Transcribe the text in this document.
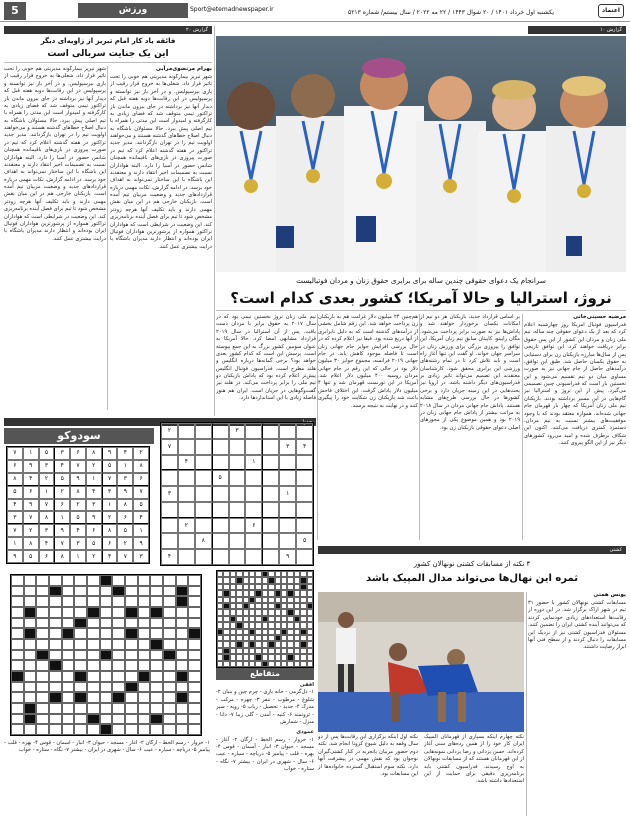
اعتماد
یکشنبه اول خرداد ۱۴۰۱ / ۲۰ شوال ۱۴۴۳ / ۲۲ مه ۲۰۲۲ / سال بیستم/ شماره ۵۲۱۳
Sport@etemadnewspaper.ir
ورزش
5
گزارش ۲۰
فائقه یاد کار امام تبریز از زاویه‌ای دیگر
این یک جنایت سربالی است
بهرام مرتضوی‌مرآبی
شهر تبریز بیمارگونه مدیریتی هم خوبی را تحت تاثیر قرار داد. شعلی‌ها به خروج قرار رقیب از بازی بیرسپولیس. و در آخر باز نیز توانسته و پرسپولیس در این رقابت‌ها دوبه‌ هفته قبل که دیدار آنها نیز برداشته در جای بیرون ماندن باز تراکتور تیمی متوقف شد که فضای زیادی به کارگرفته و امیدوار است این مدتی را همراه با تیم اصلی پیش ببرد. حالا مسئولان باشگاه به دنبال اصلاح خطاهای گذشته هستند و می‌خواهند اولویت تیم را در تهران بازگردانند. مدیر جدید تراکتور در هفته گذشته اعلام کرد که تیم در صورت پیروزی در بازی‌های باقیمانده همچنان شانس حضور در آسیا را دارد. البته هواداران نسبت به تصمیمات اخیر انتقاد دارند و معتقدند این باشگاه با این ساختار نمی‌تواند به اهداف خود برسد. در ادامه گزارش، نکات مهمی درباره قراردادهای جدید و وضعیت مربیان تیم آمده است. بازیکنان خارجی هم در این میان نقش مهمی دارند و باید تکلیف آنها هرچه زودتر مشخص شود تا تیم برای فصل آینده برنامه‌ریزی کند. این وضعیت در شرایطی است که هواداران تراکتور همواره از پرشورترین هواداران فوتبال ایران بوده‌اند و انتظار دارند مدیران باشگاه با درایت بیشتری عمل کنند.
شهر تبریز بیمارگونه مدیریتی هم خوبی را تحت تاثیر قرار داد. شعلی‌ها به خروج قرار رقیب از بازی بیرسپولیس. و در آخر باز نیز توانسته و پرسپولیس در این رقابت‌ها دوبه‌ هفته قبل که دیدار آنها نیز برداشته در جای بیرون ماندن باز تراکتور تیمی متوقف شد که فضای زیادی به کارگرفته و امیدوار است این مدتی را همراه با تیم اصلی پیش ببرد. حالا مسئولان باشگاه به دنبال اصلاح خطاهای گذشته هستند و می‌خواهند اولویت تیم را در تهران بازگردانند. مدیر جدید تراکتور در هفته گذشته اعلام کرد که تیم در صورت پیروزی در بازی‌های باقیمانده همچنان شانس حضور در آسیا را دارد. البته هواداران نسبت به تصمیمات اخیر انتقاد دارند و معتقدند این باشگاه با این ساختار نمی‌تواند به اهداف خود برسد. در ادامه گزارش، نکات مهمی درباره قراردادهای جدید و وضعیت مربیان تیم آمده است. بازیکنان خارجی هم در این میان نقش مهمی دارند و باید تکلیف آنها هرچه زودتر مشخص شود تا تیم برای فصل آینده برنامه‌ریزی کند. این وضعیت در شرایطی است که هواداران تراکتور همواره از پرشورترین هواداران فوتبال ایران بوده‌اند و انتظار دارند مدیران باشگاه با درایت بیشتری عمل کنند.
گزارش ۱۰
سرانجام یک دعوای حقوقی چندین ساله برای برابری حقوق زنان و مردان فوتبالیست
نروژ، استرالیا و حالا آمریکا؛ کشور بعدی کدام است؟
مرضیه حسینی‌خانی
فدراسیون فوتبال آمریکا روز چهارشنبه اعلام کرد که بعد از یک دعوای حقوقی چند ساله، تیم ملی زنان و مردان این کشور از این پس حقوق برابر دریافت خواهند کرد. این توافق تاریخی پس از سال‌ها مبارزه بازیکنان زن برای دستیابی به حقوق یکسان حاصل شد. طبق این توافق، درآمدهای حاصل از جام جهانی نیز به صورت مساوی میان دو تیم تقسیم می‌شود و این نخستین بار است که فدراسیونی چنین تصمیمی می‌گیرد. پیش از این نروژ و استرالیا نیز گام‌هایی در این مسیر برداشته بودند. بازیکنان تیم ملی زنان آمریکا که چهار بار قهرمان جام جهانی شده‌اند، همواره معتقد بودند که با وجود موفقیت‌های بیشتر نسبت به تیم مردان، دستمزد کمتری دریافت می‌کنند. اکنون این شکاف برطرف شده و امید می‌رود کشورهای دیگر نیز از این الگو پیروی کنند.
بر اساس قرارداد جدید، بازیکنان هر دو تیم از امکانات یکسان برخوردار خواهند شد و پاداش‌ها نیز به صورت برابر پرداخت می‌شود. مگان راپینو، کاپیتان سابق تیم زنان آمریکا، این توافق را پیروزی بزرگی برای ورزش زنان در سراسر جهان خواند. او گفت این تنها آغاز راه است و باید تلاش کرد تا در تمام رشته‌های ورزشی این برابری محقق شود. کارشناسان معتقدند این تصمیم می‌تواند تاثیر زیادی بر فدراسیون‌های دیگر داشته باشد. در اروپا نیز بحث‌هایی در این زمینه جریان دارد و برخی کشورها در حال بررسی طرح‌های مشابه هستند. پاداش جام جهانی مردان در سال ۲۰۱۸ به مراتب بیشتر از پاداش جام جهانی زنان در ۲۰۱۹ بود و همین موضوع یکی از محورهای اصلی دعوای حقوقی بازیکنان زن بود.
هم‌چنین ۲۴ میلیون دلار غرامت هم به بازیکنان زن پرداخت خواهد شد. این رقم شامل بخشی از درآمدهای گذشته است که به دلیل نابرابری از آنها دریغ شده بود. فیفا نیز اعلام کرده که در حال بررسی افزایش جوایز جام جهانی زنان است تا فاصله موجود کاهش یابد. در جام جهانی ۲۰۱۹ فرانسه، مجموع جوایز ۳۰ میلیون دلار بود در حالی که این رقم در جام جهانی مردان روسیه ۴۰۰ میلیون دلار اعلام شد. آمریکا در این تورنمنت قهرمان شد و تنها ۴ میلیون دلار پاداش گرفت. این اختلاف فاحش باعث شد بازیکنان زن شکایت خود را پیگیری کنند و در نهایت به نتیجه برسند.
تیم ملی زنان نروژ نخستین تیمی بود که در سال ۲۰۱۷ به حقوق برابر با مردان دست یافت. پس از آن استرالیا در سال ۲۰۱۹ قرارداد مشابهی امضا کرد. حالا آمریکا به عنوان سومین کشور بزرگ به این جمع پیوسته است. پرسش این است که کدام کشور بعدی خواهد بود؟ برخی گمانه‌ها درباره انگلیس و هلند مطرح است. فدراسیون فوتبال انگلیس پیش‌تر اعلام کرده بود که پاداش بازیکنان دو تیم ملی را برابر پرداخت می‌کند. در هلند نیز گفت‌وگوهایی در جریان است. ایران هم هنوز فاصله زیادی با این استانداردها دارد.
جدول
سودوکو
۲
۴
۹
۸
۶
۳
۵
۱
۷
۸
۱
۵
۲
۷
۴
۳
۹
۶
۶
۳
۷
۱
۹
۵
۲
۴
۸
۷
۹
۳
۴
۸
۲
۱
۶
۵
۵
۸
۱
۳
۲
۶
۷
۹
۴
۴
۶
۲
۹
۵
۱
۸
۷
۳
۱
۵
۸
۶
۴
۹
۳
۲
۷
۹
۲
۶
۵
۳
۷
۴
۸
۱
۳
۷
۴
۲
۱
۸
۶
۵
۹
۳
۲
۴
۳
۷
۱
۴
۵
۱
۳
۶
۲
۵
۸
۹
۴
کشتی
۴ نکته از مسابقات کشتی نونهالان کشور
ثمره این نهال‌ها می‌تواند مدال المپیک باشد
یونس همتی
مسابقات کشتی نونهالان کشور با حضور ۳۱ تیم در شهر اراک برگزار شد. در این دوره از رقابت‌ها استعدادهای زیادی خودنمایی کردند که می‌توانند آینده کشتی ایران را تضمین کنند. مسئولان فدراسیون کشتی نیز از نزدیک این مسابقات را دنبال کردند و از سطح فنی آنها ابراز رضایت داشتند.
نکته اول اینکه برگزاری این رقابت‌ها پس از دو سال وقفه به دلیل شیوع کرونا انجام شد. نکته دوم حضور مربیان باتجربه در کنار کشتی‌گیران نوجوان بود که نقش مهمی در پیشرفت آنها دارد. نکته سوم استقبال گسترده خانواده‌ها از این مسابقات بود.
نکته چهارم اینکه بسیاری از قهرمانان المپیک ایران کار خود را از همین رده‌های سنی آغاز کرده‌اند. حسن یزدانی و رضا یزدانی نمونه‌هایی از این قهرمانان هستند که از مسابقات نونهالان به اوج رسیدند. فدراسیون کشتی باید برنامه‌ریزی دقیقی برای حمایت از این استعدادها داشته باشد.
متقاطع
افقی
۱- دل‌گرمی - خانه بازی - چرم چین و بنیان ۲- شلوغ - مرطوب - تنفر ۳- چهره - مرکب - مدرک ۴- جدید - تحصیل - رباب ۵- رویه - سپر - ثروتمند ۶- کنیه - آمدن - گلی زیبا ۷- دانا - منزل - شمارش
عمودی
۱- خروار - رسم الخط - ارگان ۲- آغاز - مسجد - حیوان ۳- انبار - آسمان - قوس ۴- بهره - قلب - پیامبر ۵- دریاچه - سیاره - عیب ۶- سال - شهری در ایران - بیشتر ۷- نگاه - ستاره - خواب
۱- خروار - رسم الخط - ارگان ۲- آغاز - مسجد - حیوان ۳- انبار - آسمان - قوس ۴- بهره - قلب - پیامبر ۵- دریاچه - سیاره - عیب ۶- سال - شهری در ایران - بیشتر ۷- نگاه - ستاره - خواب
